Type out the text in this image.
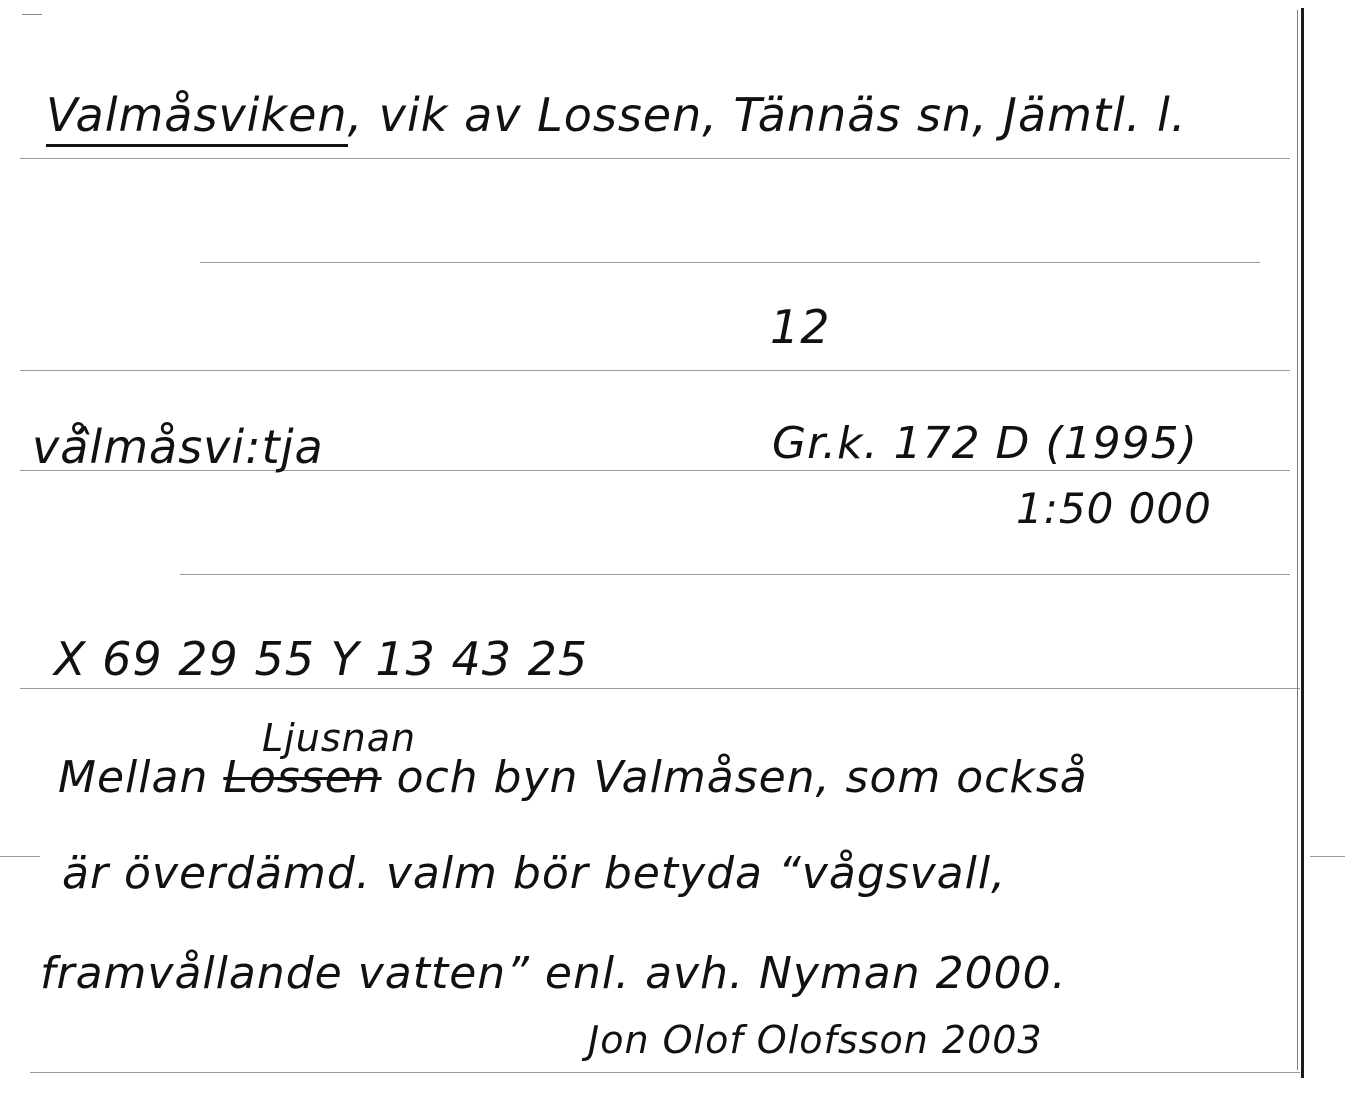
Valmåsviken, vik av Lossen, Tännäs sn, Jämtl. l.
12
vå̂lmåsvi:tja	Gr.k. 172 D (1995)
1:50 000
X 69 29 55 Y 13 43 25
Ljusnan
Mellan Lossen och byn Valmåsen, som också
är överdämd. valm bör betyda “vågsvall,
framvållande vatten” enl. avh. Nyman 2000.
Jon Olof Olofsson 2003
